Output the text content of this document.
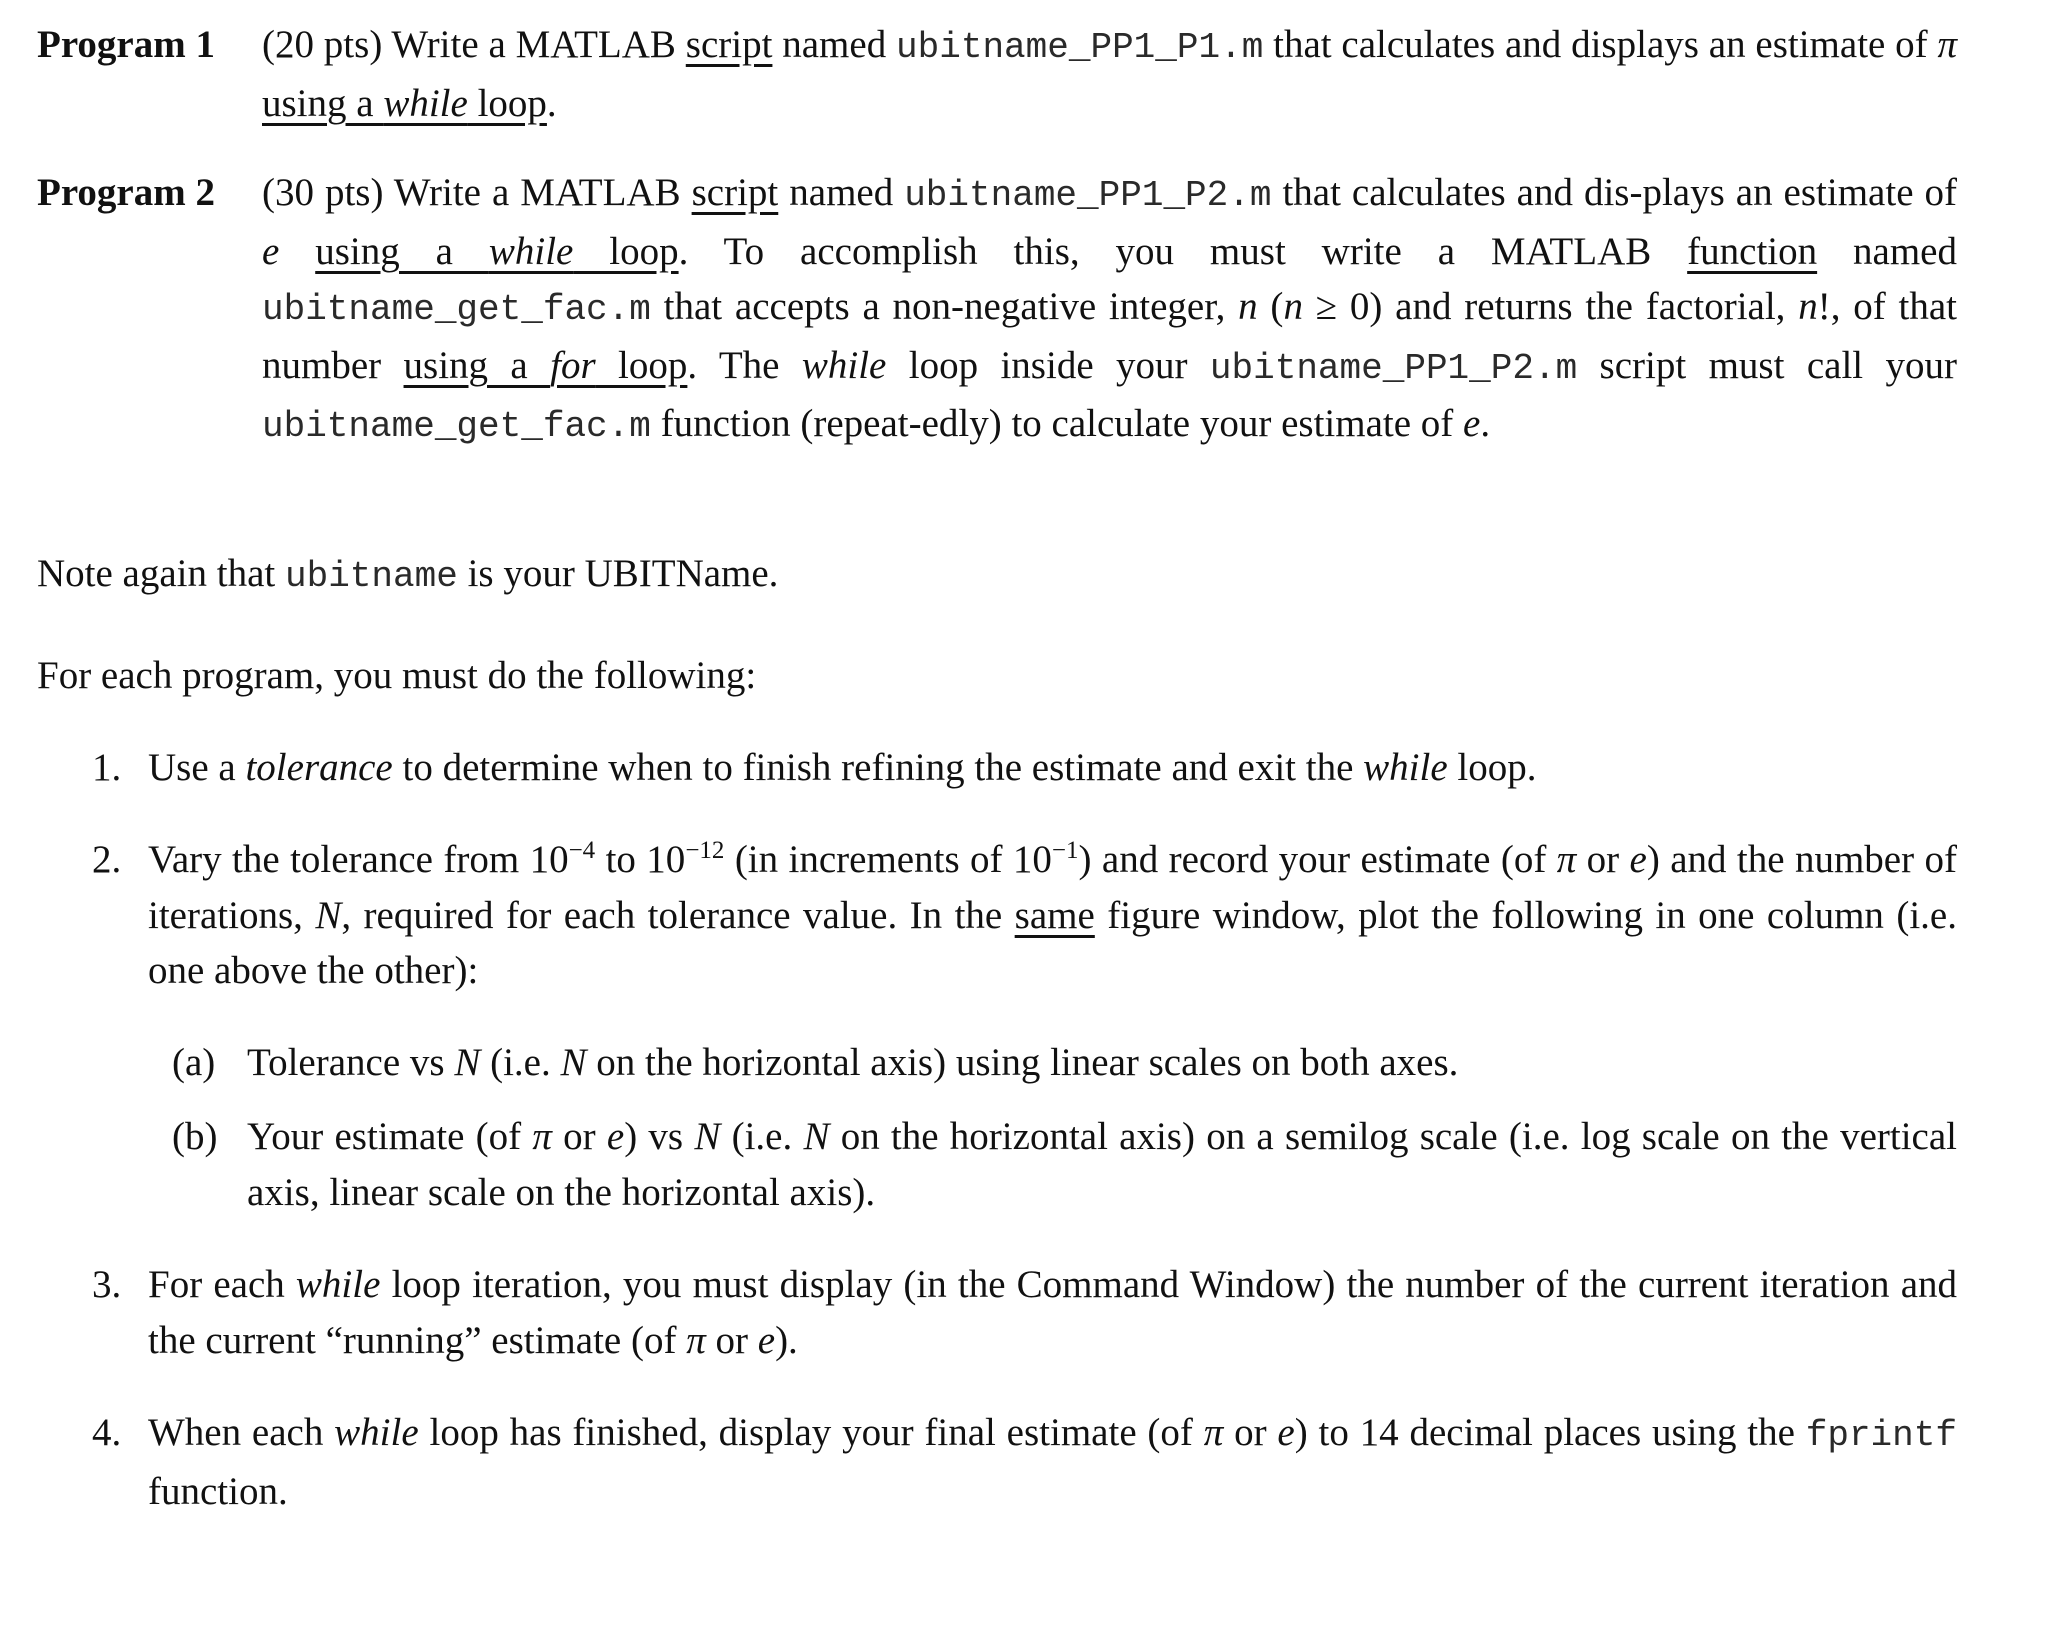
Program 1 (20 pts) Write a MATLAB script named ubitname_PP1_P1.m that calculates and displays an estimate of π using a while loop.
Program 2 (30 pts) Write a MATLAB script named ubitname_PP1_P2.m that calculates and dis-plays an estimate of e using a while loop. To accomplish this, you must write a MATLAB function named ubitname_get_fac.m that accepts a non-negative integer, n (n ≥ 0) and returns the factorial, n!, of that number using a for loop. The while loop inside your ubitname_PP1_P2.m script must call your ubitname_get_fac.m function (repeat-edly) to calculate your estimate of e.
Note again that ubitname is your UBITName.
For each program, you must do the following:
1. Use a tolerance to determine when to finish refining the estimate and exit the while loop.
2. Vary the tolerance from $10^{-4}$ to $10^{-12}$ (in increments of $10^{-1}$) and record your estimate (of π or e) and the number of iterations, N, required for each tolerance value. In the same figure window, plot the following in one column (i.e. one above the other):
(a) Tolerance vs N (i.e. N on the horizontal axis) using linear scales on both axes.
(b) Your estimate (of π or e) vs N (i.e. N on the horizontal axis) on a semilog scale (i.e. log scale on the vertical axis, linear scale on the horizontal axis).
3. For each while loop iteration, you must display (in the Command Window) the number of the current iteration and the current “running” estimate (of π or e).
4. When each while loop has finished, display your final estimate (of π or e) to 14 decimal places using the fprintf function.
